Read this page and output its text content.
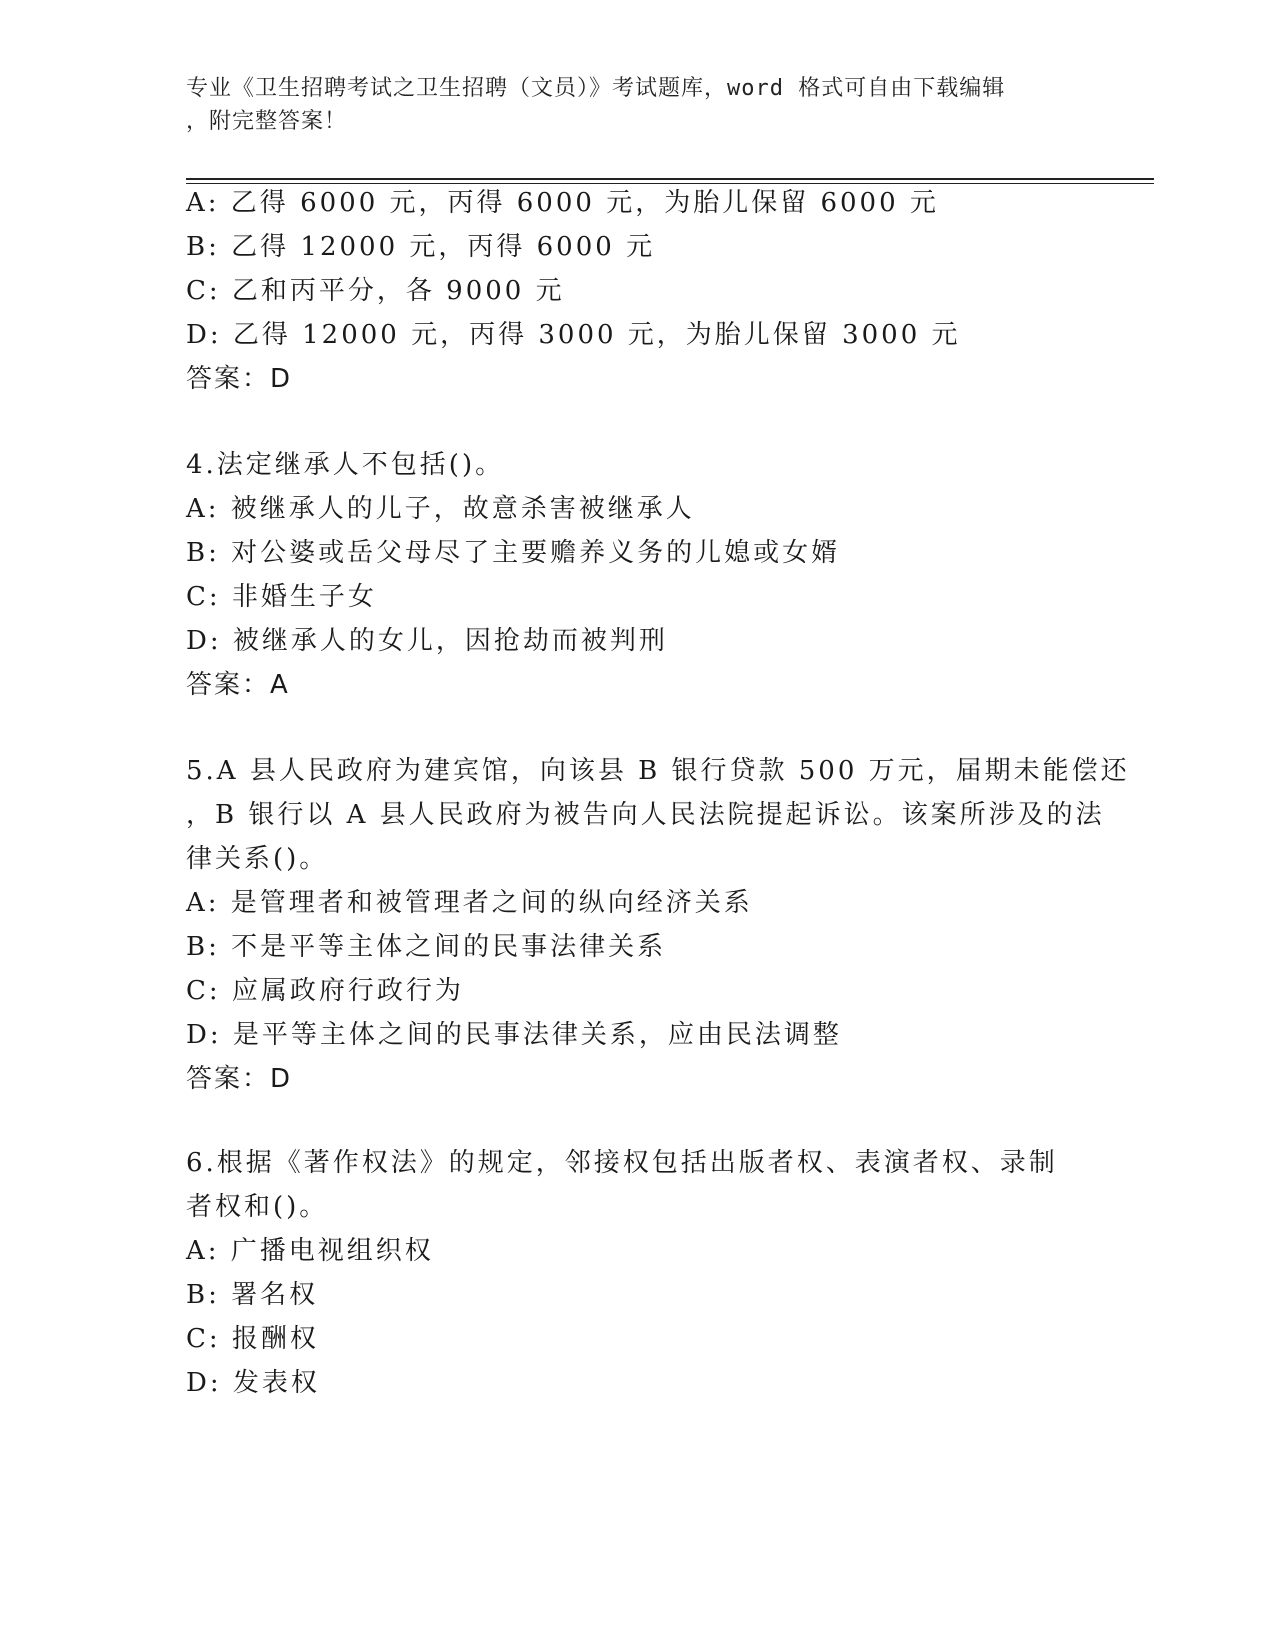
专业《卫生招聘考试之卫生招聘（文员）》考试题库，word 格式可自由下载编辑
，附完整答案！
A: 乙得 6000 元，丙得 6000 元，为胎儿保留 6000 元
B: 乙得 12000 元，丙得 6000 元
C: 乙和丙平分，各 9000 元
D: 乙得 12000 元，丙得 3000 元，为胎儿保留 3000 元
答案：D
4.法定继承人不包括()。
A: 被继承人的儿子，故意杀害被继承人
B: 对公婆或岳父母尽了主要赡养义务的儿媳或女婿
C: 非婚生子女
D: 被继承人的女儿，因抢劫而被判刑
答案：A
5.A 县人民政府为建宾馆，向该县 B 银行贷款 500 万元，届期未能偿还
，B 银行以 A 县人民政府为被告向人民法院提起诉讼。该案所涉及的法
律关系()。
A: 是管理者和被管理者之间的纵向经济关系
B: 不是平等主体之间的民事法律关系
C: 应属政府行政行为
D: 是平等主体之间的民事法律关系，应由民法调整
答案：D
6.根据《著作权法》的规定，邻接权包括出版者权、表演者权、录制
者权和()。
A: 广播电视组织权
B: 署名权
C: 报酬权
D: 发表权
